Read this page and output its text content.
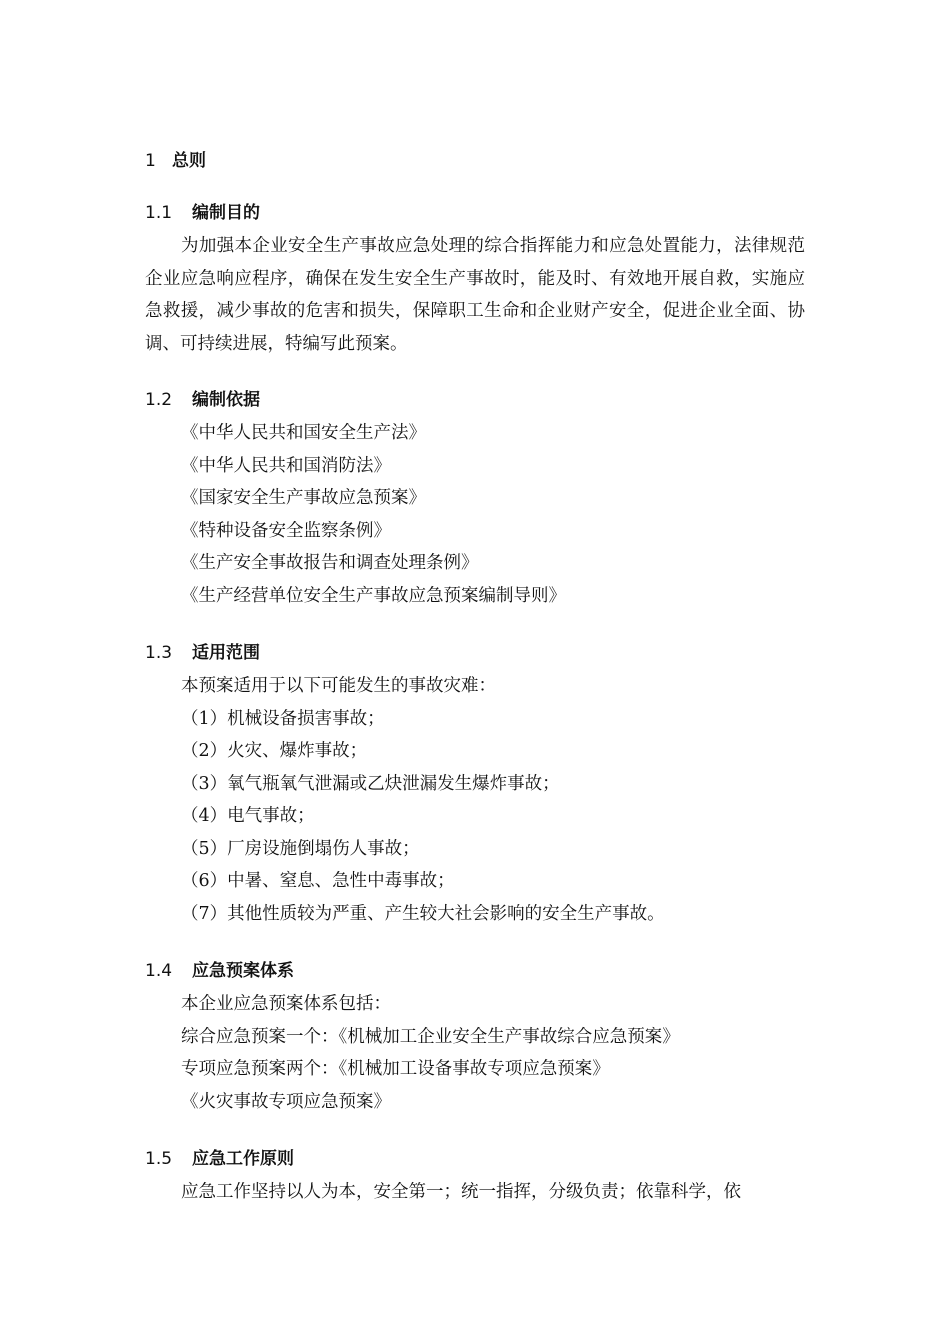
1 总则
1.1 编制目的

为加强本企业安全生产事故应急处理的综合指挥能力和应急处置能力，法律规范企业应急响应程序，确保在发生安全生产事故时，能及时、有效地开展自救，实施应急救援，减少事故的危害和损失，保障职工生命和企业财产安全，促进企业全面、协调、可持续进展，特编写此预案。

1.2 编制依据
《中华人民共和国安全生产法》
《中华人民共和国消防法》
《国家安全生产事故应急预案》
《特种设备安全监察条例》
《生产安全事故报告和调查处理条例》
《生产经营单位安全生产事故应急预案编制导则》
1.3 适用范围
本预案适用于以下可能发生的事故灾难：
（1）机械设备损害事故；
（2）火灾、爆炸事故；
（3）氧气瓶氧气泄漏或乙炔泄漏发生爆炸事故；
（4）电气事故；
（5）厂房设施倒塌伤人事故；
（6）中暑、窒息、急性中毒事故；
（7）其他性质较为严重、产生较大社会影响的安全生产事故。
1.4 应急预案体系
本企业应急预案体系包括：
综合应急预案一个：《机械加工企业安全生产事故综合应急预案》
专项应急预案两个：《机械加工设备事故专项应急预案》
《火灾事故专项应急预案》
1.5 应急工作原则
应急工作坚持以人为本，安全第一；统一指挥，分级负责；依靠科学，依
